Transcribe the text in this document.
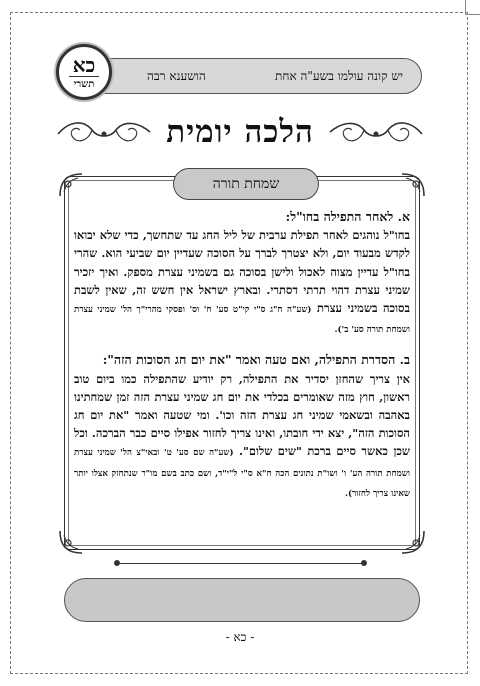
יש קונה עולמו בשע"ה אחת
הושענא רבה
כא
תשרי
הלכה יומית
שמחת תורה

א. לאחר התפילה בחו"ל:

בחו"ל נוהגים לאחר תפילת ערבית של ליל החג עד שתחשך, כדי שלא יבואו לקדש מבעוד יום, ולא יצטרך לברך על הסוכה שעדיין יום שביעי הוא. שהרי בחו"ל עדיין מצוה לאכול ולישן בסוכה גם בשמיני עצרת מספק. ואיך יזכיר שמיני עצרת דהוי תרתי דסתרי. ובארץ ישראל אין חשש זה, שאין לשבת בסוכה בשמיני עצרת (שע"ה ח"ג ס"י קי"ט סע' ח' וס' ופסקי מהרי"ך הל' שמיני עצרת ושמחת תורה סע' ב').

ב. הסדרת התפילה, ואם טעה ואמר "את יום חג הסוכות הזה":

אין צריך שהחזן יסדיר את התפילה, רק יודיע שהתפילה כמו ביום טוב ראשון, חוץ מזה שאומרים בכלדי את יום חג שמיני עצרת הזה זמן שמחתינו באהבה ובשאמי שמיני חג עצרת הזה וכו'. ומי שטעה ואמר "את יום חג הסוכות הזה", יצא ידי חובתו, ואינו צריך לחזור אפילו סיים כבר הברכה. וכל שכן כאשר סיים ברכת "שים שלום". (שע"ה שם סע' ט' ובאי"צ הל' שמיני עצרת ושמחת תורה הע' ו' ושו"ת נתונים הכה ח"א ס"י ל"י"ד, ושם כתב בשם מו"ר שנתחזק אצלו יותר שאינו צריך לחזור).

- כא -
